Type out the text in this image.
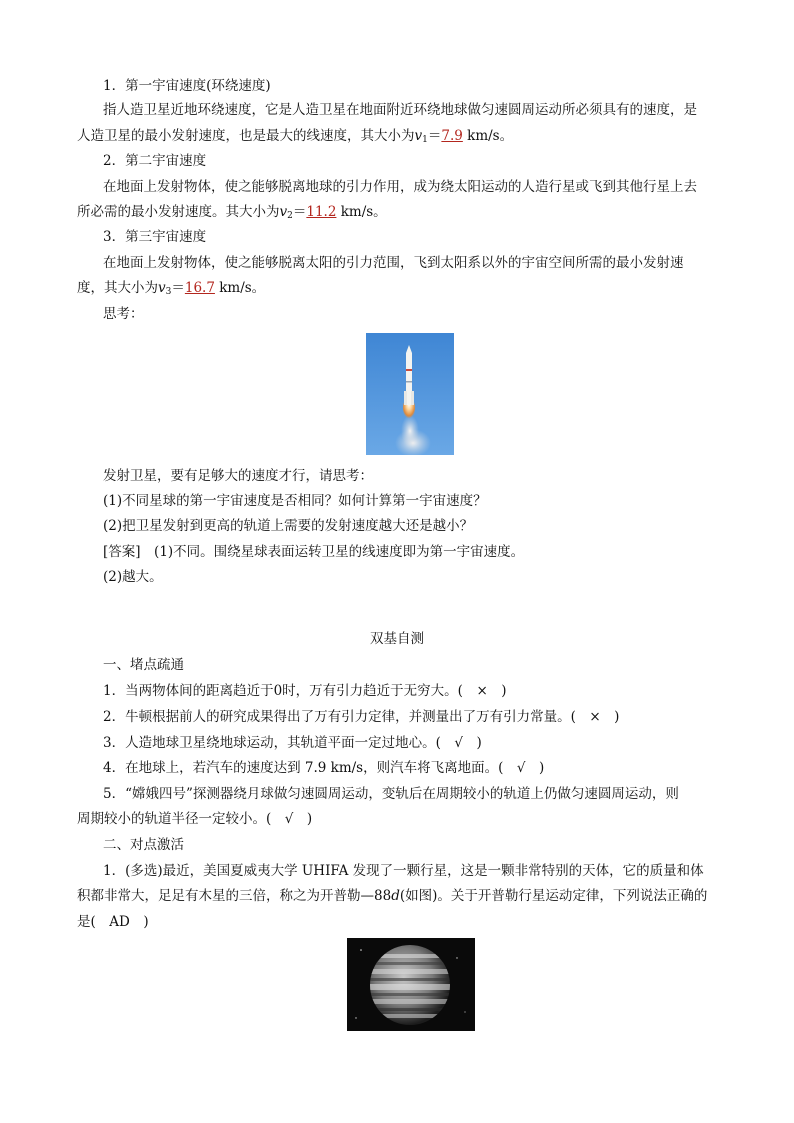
1．第一宇宙速度(环绕速度)
指人造卫星近地环绕速度，它是人造卫星在地面附近环绕地球做匀速圆周运动所必须具有的速度，是
人造卫星的最小发射速度，也是最大的线速度，其大小为$v_1=7.9$ km/s。
2．第二宇宙速度
在地面上发射物体，使之能够脱离地球的引力作用，成为绕太阳运动的人造行星或飞到其他行星上去
所必需的最小发射速度。其大小为$v_2=11.2$ km/s。
3．第三宇宙速度
在地面上发射物体，使之能够脱离太阳的引力范围，飞到太阳系以外的宇宙空间所需的最小发射速
度，其大小为$v_3=16.7$ km/s。
思考：
发射卫星，要有足够大的速度才行，请思考：
(1)不同星球的第一宇宙速度是否相同？如何计算第一宇宙速度？
(2)把卫星发射到更高的轨道上需要的发射速度越大还是越小？
[答案]　 (1)不同。围绕星球表面运转卫星的线速度即为第一宇宙速度。
(2)越大。
双基自测
一、堵点疏通
1．当两物体间的距离趋近于0时，万有引力趋近于无穷大。(　×　)
2．牛顿根据前人的研究成果得出了万有引力定律，并测量出了万有引力常量。(　×　)
3．人造地球卫星绕地球运动，其轨道平面一定过地心。(　√　)
4．在地球上，若汽车的速度达到 7.9 km/s，则汽车将飞离地面。(　√　)
5．“嫦娥四号”探测器绕月球做匀速圆周运动，变轨后在周期较小的轨道上仍做匀速圆周运动，则
周期较小的轨道半径一定较小。(　√　)
二、对点激活
1．(多选)最近，美国夏威夷大学 UHIFA 发现了一颗行星，这是一颗非常特别的天体，它的质量和体
积都非常大，足足有木星的三倍，称之为开普勒—88d(如图)。关于开普勒行星运动定律，下列说法正确的
是(　AD　)
